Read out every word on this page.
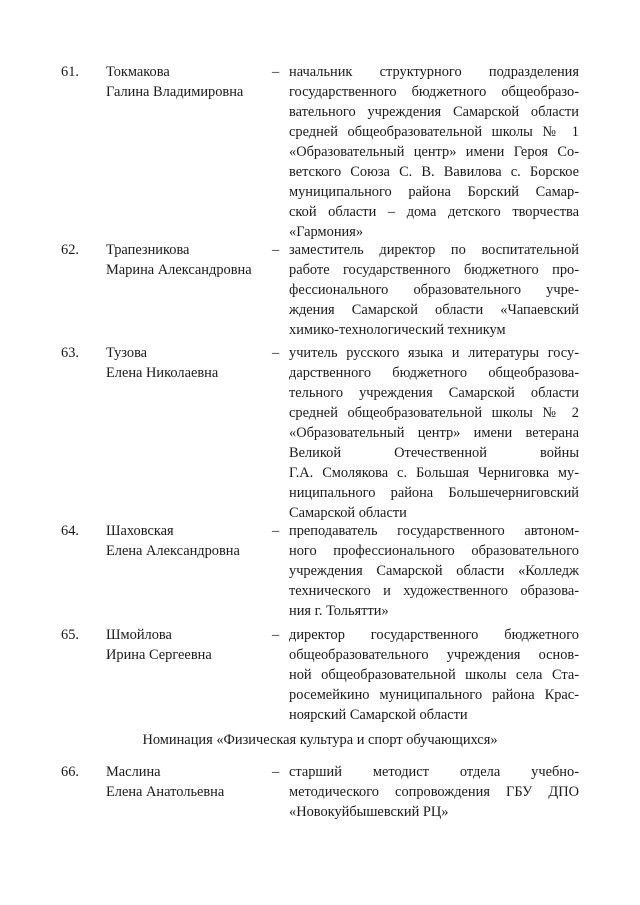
61.	Токмакова
Галина Владимировна
– начальник структурного подразделения
государственного бюджетного общеобразо-
вательного учреждения Самарской области
средней общеобразовательной школы № 1
«Образовательный центр» имени Героя Со-
ветского Союза С. В. Вавилова с. Борское
муниципального района Борский Самар-
ской области – дома детского творчества
«Гармония»
62.	Трапезникова
Марина Александровна
– заместитель директор по воспитательной
работе государственного бюджетного про-
фессионального образовательного учре-
ждения Самарской области «Чапаевский
химико-технологический техникум
63.	Тузова
Елена Николаевна
– учитель русского языка и литературы госу-
дарственного бюджетного общеобразова-
тельного учреждения Самарской области
средней общеобразовательной школы № 2
«Образовательный центр» имени ветерана
Великой Отечественной войны
Г.А. Смолякова с. Большая Черниговка му-
ниципального района Большечерниговский
Самарской области
64.	Шаховская
Елена Александровна
– преподаватель государственного автоном-
ного профессионального образовательного
учреждения Самарской области «Колледж
технического и художественного образова-
ния г. Тольятти»
65.	Шмойлова
Ирина Сергеевна
– директор государственного бюджетного
общеобразовательного учреждения основ-
ной общеобразовательной школы села Ста-
росемейкино муниципального района Крас-
ноярский Самарской области
Номинация «Физическая культура и спорт обучающихся»
66.	Маслина
Елена Анатольевна
– старший методист отдела учебно-
методического сопровождения ГБУ ДПО
«Новокуйбышевский РЦ»
